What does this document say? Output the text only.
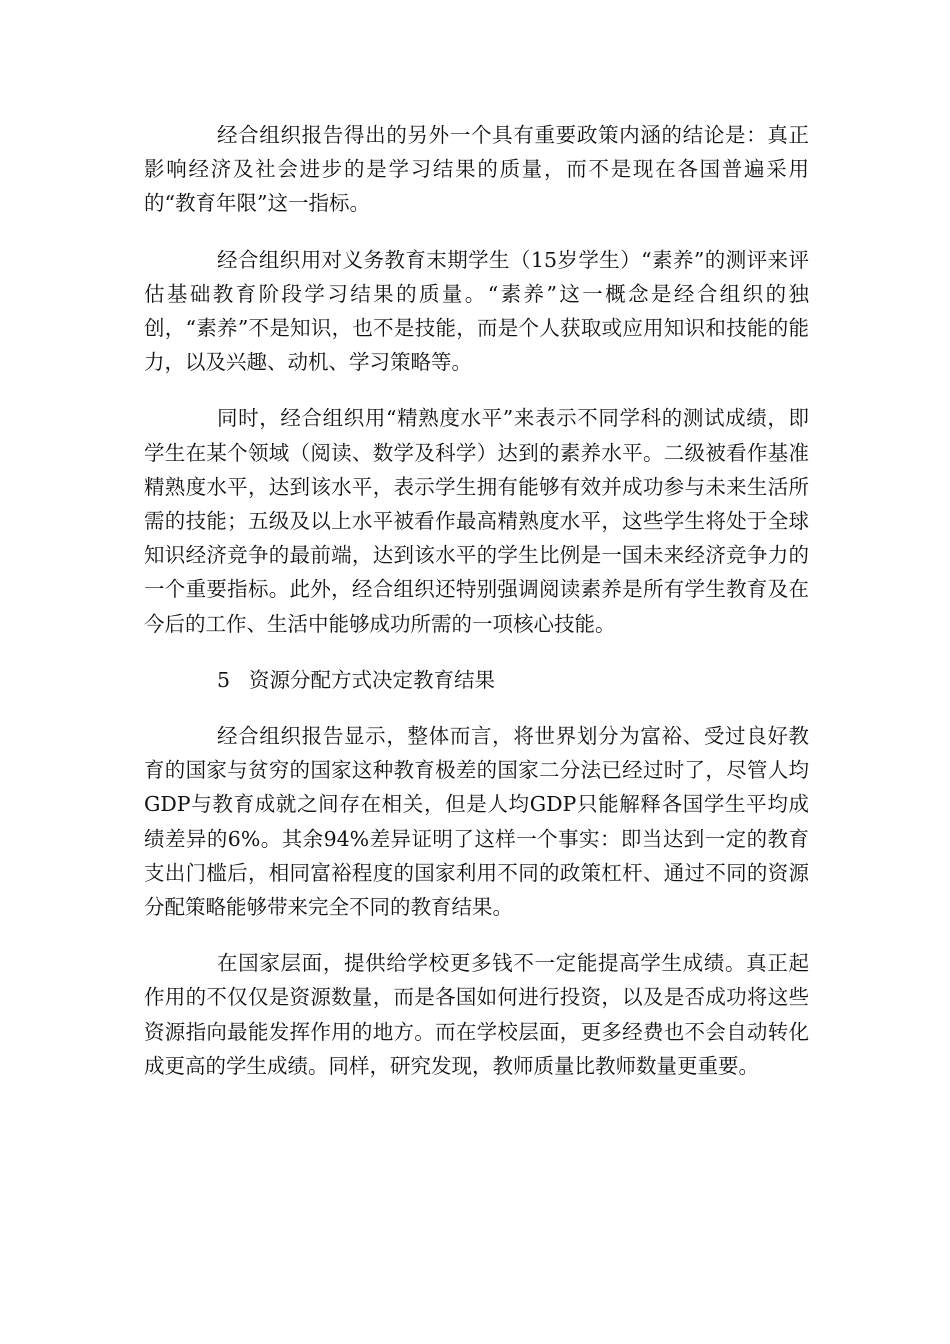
经合组织报告得出的另外一个具有重要政策内涵的结论是：真正影响经济及社会进步的是学习结果的质量，而不是现在各国普遍采用的“教育年限”这一指标。

经合组织用对义务教育末期学生（15岁学生）“素养”的测评来评估基础教育阶段学习结果的质量。“素养”这一概念是经合组织的独创，“素养”不是知识，也不是技能，而是个人获取或应用知识和技能的能力，以及兴趣、动机、学习策略等。

同时，经合组织用“精熟度水平”来表示不同学科的测试成绩，即学生在某个领域（阅读、数学及科学）达到的素养水平。二级被看作基准精熟度水平，达到该水平，表示学生拥有能够有效并成功参与未来生活所需的技能；五级及以上水平被看作最高精熟度水平，这些学生将处于全球知识经济竞争的最前端，达到该水平的学生比例是一国未来经济竞争力的一个重要指标。此外，经合组织还特别强调阅读素养是所有学生教育及在今后的工作、生活中能够成功所需的一项核心技能。

5 资源分配方式决定教育结果

经合组织报告显示，整体而言，将世界划分为富裕、受过良好教育的国家与贫穷的国家这种教育极差的国家二分法已经过时了，尽管人均GDP与教育成就之间存在相关，但是人均GDP只能解释各国学生平均成绩差异的6%。其余94%差异证明了这样一个事实：即当达到一定的教育支出门槛后，相同富裕程度的国家利用不同的政策杠杆、通过不同的资源分配策略能够带来完全不同的教育结果。

在国家层面，提供给学校更多钱不一定能提高学生成绩。真正起作用的不仅仅是资源数量，而是各国如何进行投资，以及是否成功将这些资源指向最能发挥作用的地方。而在学校层面，更多经费也不会自动转化成更高的学生成绩。同样，研究发现，教师质量比教师数量更重要。
